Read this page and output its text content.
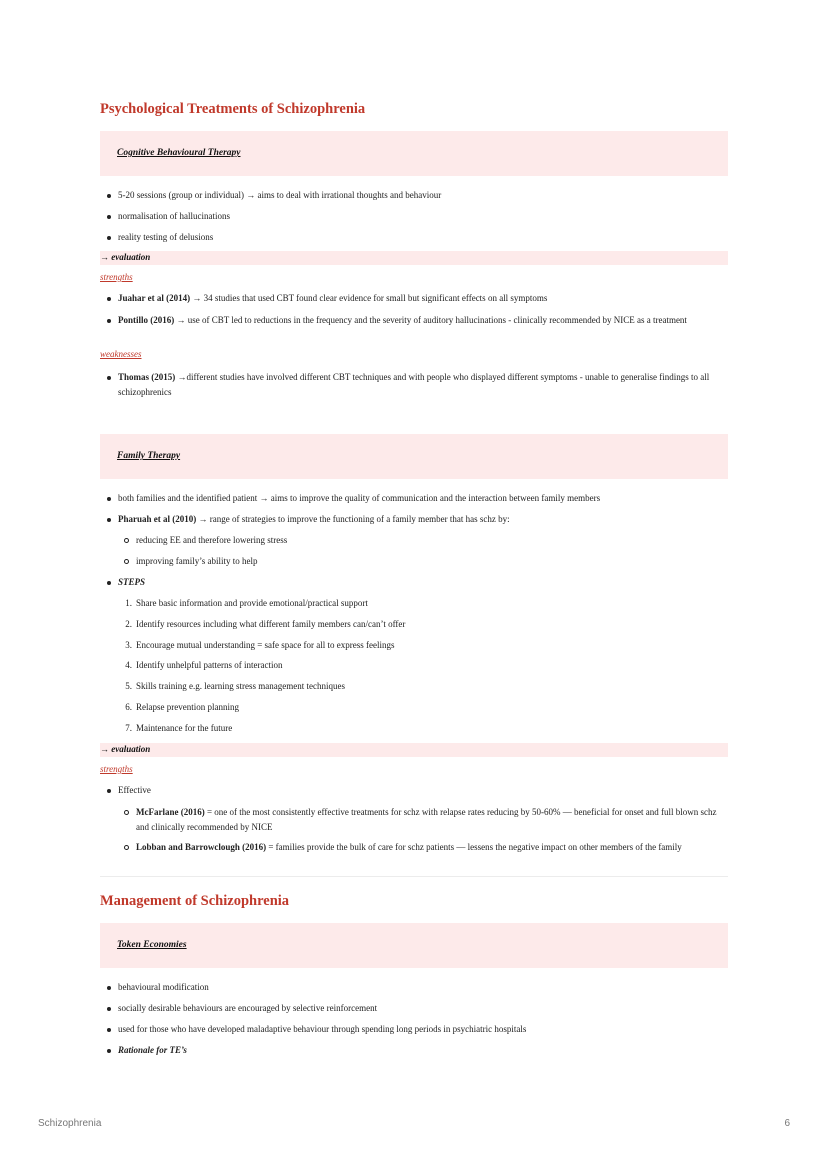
Psychological Treatments of Schizophrenia
Cognitive Behavioural Therapy
5-20 sessions (group or individual) → aims to deal with irrational thoughts and behaviour
normalisation of hallucinations
reality testing of delusions
→ evaluation
strengths
Juahar et al (2014) → 34 studies that used CBT found clear evidence for small but significant effects on all symptoms
Pontillo (2016) → use of CBT led to reductions in the frequency and the severity of auditory hallucinations - clinically recommended by NICE as a treatment
weaknesses
Thomas (2015) →different studies have involved different CBT techniques and with people who displayed different symptoms - unable to generalise findings to all schizophrenics
Family Therapy
both families and the identified patient → aims to improve the quality of communication and the interaction between family members
Pharuah et al (2010) → range of strategies to improve the functioning of a family member that has schz by:
reducing EE and therefore lowering stress
improving family’s ability to help
STEPS
1. Share basic information and provide emotional/practical support
2. Identify resources including what different family members can/can’t offer
3. Encourage mutual understanding = safe space for all to express feelings
4. Identify unhelpful patterns of interaction
5. Skills training e.g. learning stress management techniques
6. Relapse prevention planning
7. Maintenance for the future
→ evaluation
strengths
Effective
McFarlane (2016) = one of the most consistently effective treatments for schz with relapse rates reducing by 50-60% — beneficial for onset and full blown schz and clinically recommended by NICE
Lobban and Barrowclough (2016) = families provide the bulk of care for schz patients — lessens the negative impact on other members of the family
Management of Schizophrenia
Token Economies
behavioural modification
socially desirable behaviours are encouraged by selective reinforcement
used for those who have developed maladaptive behaviour through spending long periods in psychiatric hospitals
Rationale for TE’s
Schizophrenia	6
